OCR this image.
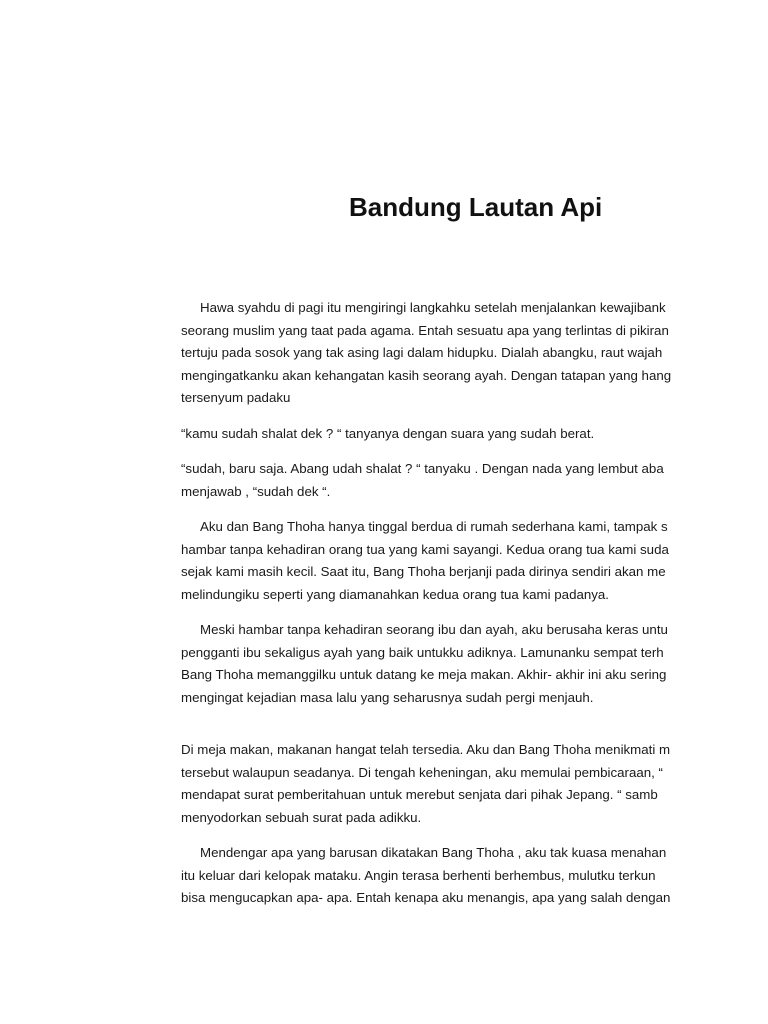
Bandung Lautan Api

Hawa syahdu di pagi itu mengiringi langkahku setelah menjalankan kewajibank
seorang muslim yang taat pada agama. Entah sesuatu apa yang terlintas di pikiran
tertuju pada sosok yang tak asing lagi dalam hidupku. Dialah abangku, raut wajah
mengingatkanku akan kehangatan kasih seorang ayah. Dengan tatapan yang hang
tersenyum padaku

“kamu sudah shalat dek ? “ tanyanya dengan suara yang sudah berat.

“sudah, baru saja. Abang udah shalat ? “ tanyaku . Dengan nada yang lembut aba
menjawab , “sudah dek “.

Aku dan Bang Thoha hanya tinggal berdua di rumah sederhana kami, tampak s
hambar tanpa kehadiran orang tua yang kami sayangi. Kedua orang tua kami suda
sejak kami masih kecil. Saat itu, Bang Thoha berjanji pada dirinya sendiri akan me
melindungiku seperti yang diamanahkan kedua orang tua kami padanya.

Meski hambar tanpa kehadiran seorang ibu dan ayah, aku berusaha keras untu
pengganti ibu sekaligus ayah yang baik untukku adiknya. Lamunanku sempat terh
Bang Thoha memanggilku untuk datang ke meja makan. Akhir- akhir ini aku sering
mengingat kejadian masa lalu yang seharusnya sudah pergi menjauh.

Di meja makan, makanan hangat telah tersedia. Aku dan Bang Thoha menikmati m
tersebut walaupun seadanya. Di tengah keheningan, aku memulai pembicaraan, “
mendapat surat pemberitahuan untuk merebut senjata dari pihak Jepang. “ samb
menyodorkan sebuah surat pada adikku.

Mendengar apa yang barusan dikatakan Bang Thoha , aku tak kuasa menahan
itu keluar dari kelopak mataku. Angin terasa berhenti berhembus, mulutku terkun
bisa mengucapkan apa- apa. Entah kenapa aku menangis, apa yang salah dengan
